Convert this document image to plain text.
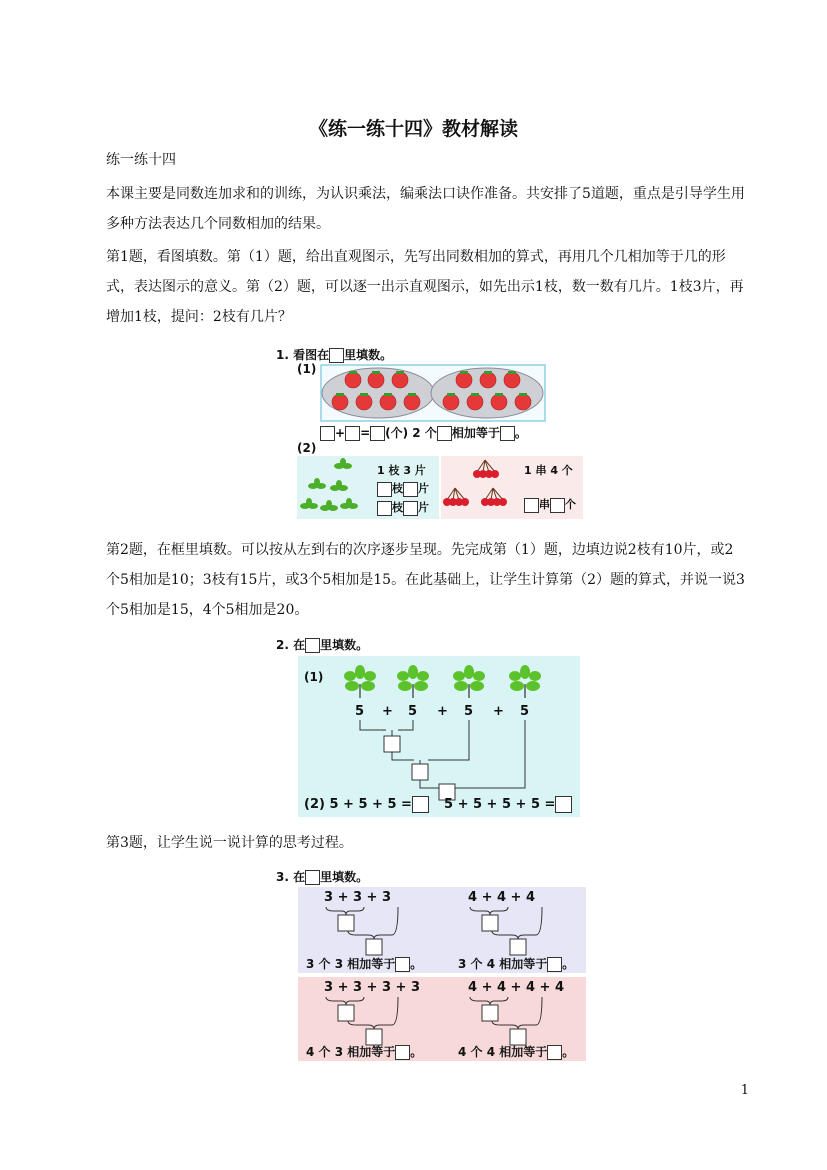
《练一练十四》教材解读
练一练十四
本课主要是同数连加求和的训练，为认识乘法，编乘法口诀作准备。共安排了5道题，重点是引导学生用多种方法表达几个同数相加的结果。
第1题，看图填数。第（1）题，给出直观图示，先写出同数相加的算式，再用几个几相加等于几的形式，表达图示的意义。第（2）题，可以逐一出示直观图示，如先出示1枝，数一数有几片。1枝3片，再增加1枝，提问：2枝有几片？
1. 看图在 里填数。
(1)
+ = (个) 2 个 相加等于 。
(2)
1 枝 3 片
枝 片
枝 片
1 串 4 个
串 个
第2题，在框里填数。可以按从左到右的次序逐步呈现。先完成第（1）题，边填边说2枝有10片，或2个5相加是10；3枝有15片，或3个5相加是15。在此基础上，让学生计算第（2）题的算式，并说一说3个5相加是15，4个5相加是20。
2. 在 里填数。
(1)
5 + 5 + 5 + 5
(2) 5 + 5 + 5 =	5 + 5 + 5 + 5 =
第3题，让学生说一说计算的思考过程。
3. 在 里填数。
3 + 3 + 3	4 + 4 + 4
3 个 3 相加等于 。	3 个 4 相加等于 。
3 + 3 + 3 + 3	4 + 4 + 4 + 4
4 个 3 相加等于 。	4 个 4 相加等于 。
1
